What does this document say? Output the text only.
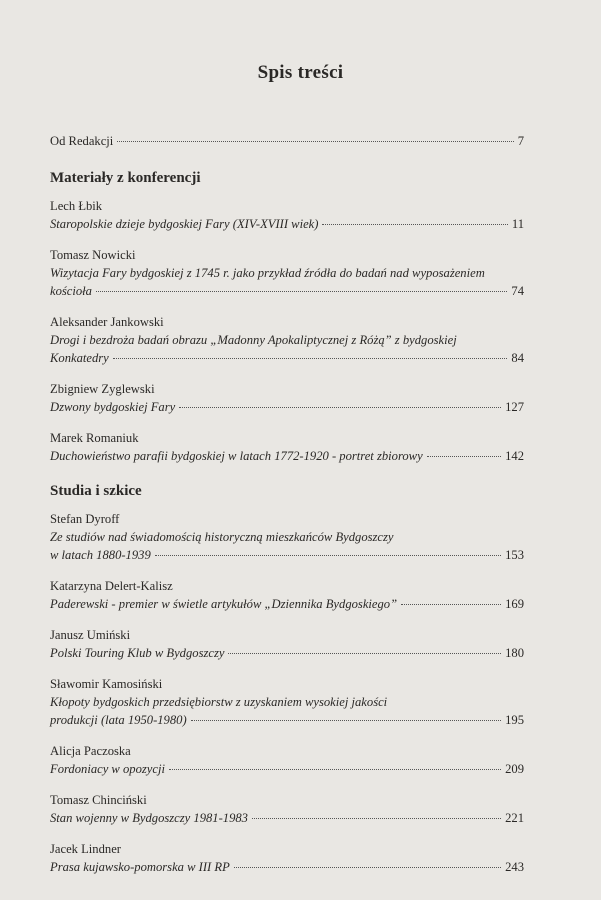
Spis treści
Od Redakcji	7
Materiały z konferencji
Lech Łbik
Staropolskie dzieje bydgoskiej Fary (XIV-XVIII wiek)	11
Tomasz Nowicki
Wizytacja Fary bydgoskiej z 1745 r. jako przykład źródła do badań nad wyposażeniem
kościoła	74
Aleksander Jankowski
Drogi i bezdroża badań obrazu „Madonny Apokaliptycznej z Różą” z bydgoskiej
Konkatedry	84
Zbigniew Zyglewski
Dzwony bydgoskiej Fary	127
Marek Romaniuk
Duchowieństwo parafii bydgoskiej w latach 1772-1920 - portret zbiorowy	142
Studia i szkice
Stefan Dyroff
Ze studiów nad świadomością historyczną mieszkańców Bydgoszczy
w latach 1880-1939	153
Katarzyna Delert-Kalisz
Paderewski - premier w świetle artykułów „Dziennika Bydgoskiego”	169
Janusz Umiński
Polski Touring Klub w Bydgoszczy	180
Sławomir Kamosiński
Kłopoty bydgoskich przedsiębiorstw z uzyskaniem wysokiej jakości
produkcji (lata 1950-1980)	195
Alicja Paczoska
Fordoniacy w opozycji	209
Tomasz Chinciński
Stan wojenny w Bydgoszczy 1981-1983	221
Jacek Lindner
Prasa kujawsko-pomorska w III RP	243
